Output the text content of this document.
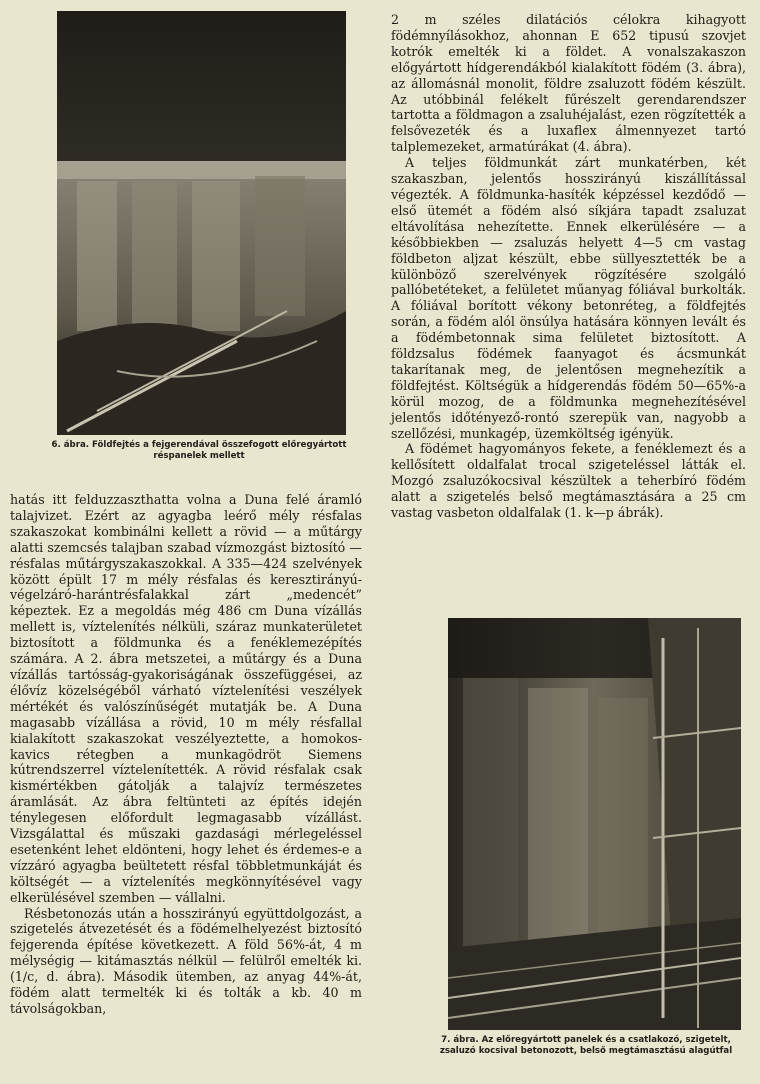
6. ábra. Földfejtés a fejgerendával összefogott előregyártott
réspanelek mellett

2 m széles dilatációs célokra kihagyott födémnyílásokhoz, ahonnan E 652 tipusú szovjet kotrók emelték ki a földet. A vonalszakaszon előgyártott hídgerendákból kialakított födém (3. ábra), az állomásnál monolit, földre zsaluzott födém készült. Az utóbbinál felékelt fűrészelt gerendarendszer tartotta a földmagon a zsaluhéjalást, ezen rögzítették a felsővezeték és a luxaflex álmennyezet tartó talplemezeket, armatúrákat (4. ábra).

A teljes földmunkát zárt munkatérben, két szakaszban, jelentős hosszirányú kiszállítással végezték. A földmunka-hasíték képzéssel kezdődő — első ütemét a födém alsó síkjára tapadt zsaluzat eltávolítása nehezítette. Ennek elkerülésére — a későbbiekben — zsaluzás helyett 4—5 cm vastag földbeton aljzat készült, ebbe süllyesztették be a különböző szerelvények rögzítésére szolgáló pallóbetéteket, a felületet műanyag fóliával burkolták. A fóliával borított vékony betonréteg, a földfejtés során, a födém alól önsúlya hatására könnyen levált és a födémbetonnak sima felületet biztosított. A földzsalus födémek faanyagot és ácsmunkát takarítanak meg, de jelentősen megnehezítik a földfejtést. Költségük a hídgerendás födém 50—65%-a körül mozog, de a földmunka megnehezítésével jelentős időtényező-rontó szerepük van, nagyobb a szellőzési, munkagép, üzemköltség igényük.

A födémet hagyományos fekete, a fenéklemezt és a kellősített oldalfalat trocal szigeteléssel látták el. Mozgó zsaluzókocsival készültek a teherbíró födém alatt a szigetelés belső megtámasztására a 25 cm vastag vasbeton oldalfalak (1. k—p ábrák).

hatás itt felduzzaszthatta volna a Duna felé áramló talajvizet. Ezért az agyagba leérő mély résfalas szakaszokat kombinálni kellett a rövid — a műtárgy alatti szemcsés talajban szabad vízmozgást biztosító — résfalas műtárgyszakaszokkal. A 335—424 szelvények között épült 17 m mély résfalas és keresztirányú-végelzáró-harántrésfalakkal zárt „medencét” képeztek. Ez a megoldás még 486 cm Duna vízállás mellett is, víztelenítés nélküli, száraz munkaterületet biztosított a földmunka és a fenéklemezépítés számára. A 2. ábra metszetei, a műtárgy és a Duna vízállás tartósság-gyakoriságának összefüggései, az élővíz közelségéből várható víztelenítési veszélyek mértékét és valószínűségét mutatják be. A Duna magasabb vízállása a rövid, 10 m mély résfallal kialakított szakaszokat veszélyeztette, a homokos-kavics rétegben a munkagödröt Siemens kútrendszerrel víztelenítették. A rövid résfalak csak kismértékben gátolják a talajvíz természetes áramlását. Az ábra feltünteti az építés idején ténylegesen előfordult legmagasabb vízállást. Vizsgálattal és műszaki gazdasági mérlegeléssel esetenként lehet eldönteni, hogy lehet és érdemes-e a vízzáró agyagba beültetett résfal többletmunkáját és költségét — a víztelenítés megkönnyítésével vagy elkerülésével szemben — vállalni.

Résbetonozás után a hosszirányú együttdolgozást, a szigetelés átvezetését és a födémelhelyezést biztosító fejgerenda építése következett. A föld 56%-át, 4 m mélységig — kitámasztás nélkül — felülről emelték ki. (1/c, d. ábra). Második ütemben, az anyag 44%-át, födém alatt termelték ki és tolták a kb. 40 m távolságokban,

7. ábra. Az előregyártott panelek és a csatlakozó, szigetelt,
zsaluzó kocsival betonozott, belső megtámasztású alagútfal
